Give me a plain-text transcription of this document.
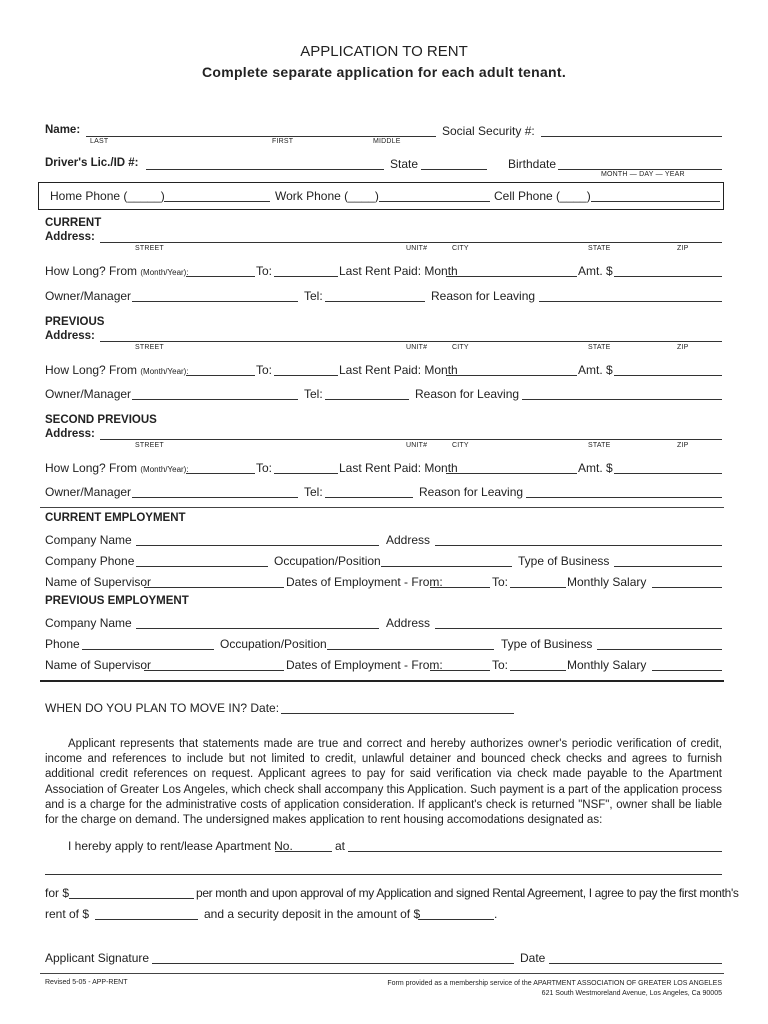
APPLICATION TO RENT
Complete separate application for each adult tenant.
Name:
LAST	FIRST	MIDDLE
Social Security #:
Driver's Lic./ID #:	State	Birthdate
MONTH — DAY — YEAR
Home Phone (_____)	Work Phone (____)	Cell Phone (____)
CURRENT
Address:
STREET	UNIT#	CITY	STATE	ZIP
How Long? From (Month/Year):	To:	Last Rent Paid: Month	Amt. $
Owner/Manager	Tel:	Reason for Leaving
PREVIOUS
Address:
STREET	UNIT#	CITY	STATE	ZIP
How Long? From (Month/Year):	To:	Last Rent Paid: Month	Amt. $
Owner/Manager	Tel:	Reason for Leaving
SECOND PREVIOUS
Address:
STREET	UNIT#	CITY	STATE	ZIP
How Long? From (Month/Year):	To:	Last Rent Paid: Month	Amt. $
Owner/Manager	Tel:	Reason for Leaving
CURRENT EMPLOYMENT
Company Name	Address
Company Phone	Occupation/Position	Type of Business
Name of Supervisor	Dates of Employment - From:	To:	Monthly Salary
PREVIOUS EMPLOYMENT
Company Name	Address
Phone	Occupation/Position	Type of Business
Name of Supervisor	Dates of Employment - From:	To:	Monthly Salary
WHEN DO YOU PLAN TO MOVE IN? Date:
Applicant represents that statements made are true and correct and hereby authorizes owner's periodic verification of credit, income and references to include but not limited to credit, unlawful detainer and bounced check checks and agrees to furnish additional credit references on request. Applicant agrees to pay for said verification via check made payable to the Apartment Association of Greater Los Angeles, which check shall accompany this Application. Such payment is a part of the application process and is a charge for the administrative costs of application consideration. If applicant's check is returned "NSF", owner shall be liable for the charge on demand. The undersigned makes application to rent housing accomodations designated as:
I hereby apply to rent/lease Apartment No.	at
for $	per month and upon approval of my Application and signed Rental Agreement, I agree to pay the first month's
rent of $	and a security deposit in the amount of $	.
Applicant Signature	Date
Revised 5-05 - APP-RENT	Form provided as a membership service of the APARTMENT ASSOCIATION OF GREATER LOS ANGELES
621 South Westmoreland Avenue, Los Angeles, Ca 90005
